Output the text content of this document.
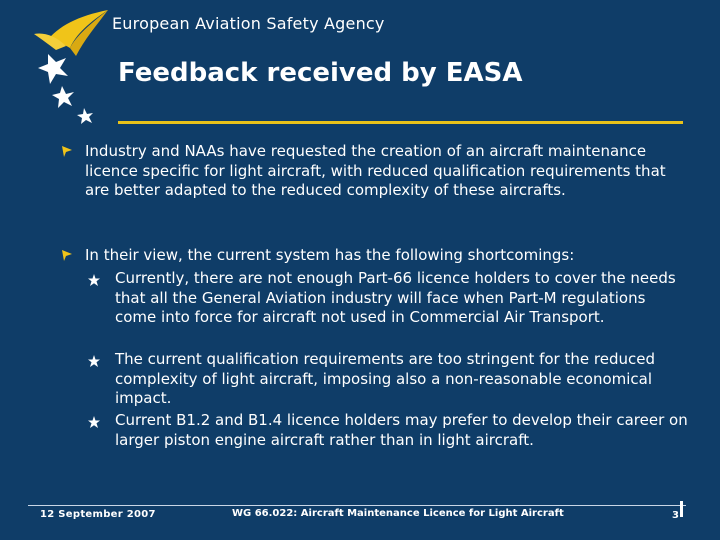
European Aviation Safety Agency
Feedback received by EASA
Industry and NAAs have requested the creation of an aircraft maintenance licence specific for light aircraft, with reduced qualification requirements that are better adapted to the reduced complexity of these aircrafts.
In their view, the current system has the following shortcomings:
Currently, there are not enough Part-66 licence holders to cover the needs that all the General Aviation industry will face when Part-M regulations come into force for aircraft not used in Commercial Air Transport.
The current qualification requirements are too stringent for the reduced complexity of light aircraft, imposing also a non-reasonable economical impact.
Current B1.2 and B1.4 licence holders may prefer to develop their career on larger piston engine aircraft rather than in light aircraft.
12 September 2007	WG 66.022: Aircraft Maintenance Licence for Light Aircraft	3
